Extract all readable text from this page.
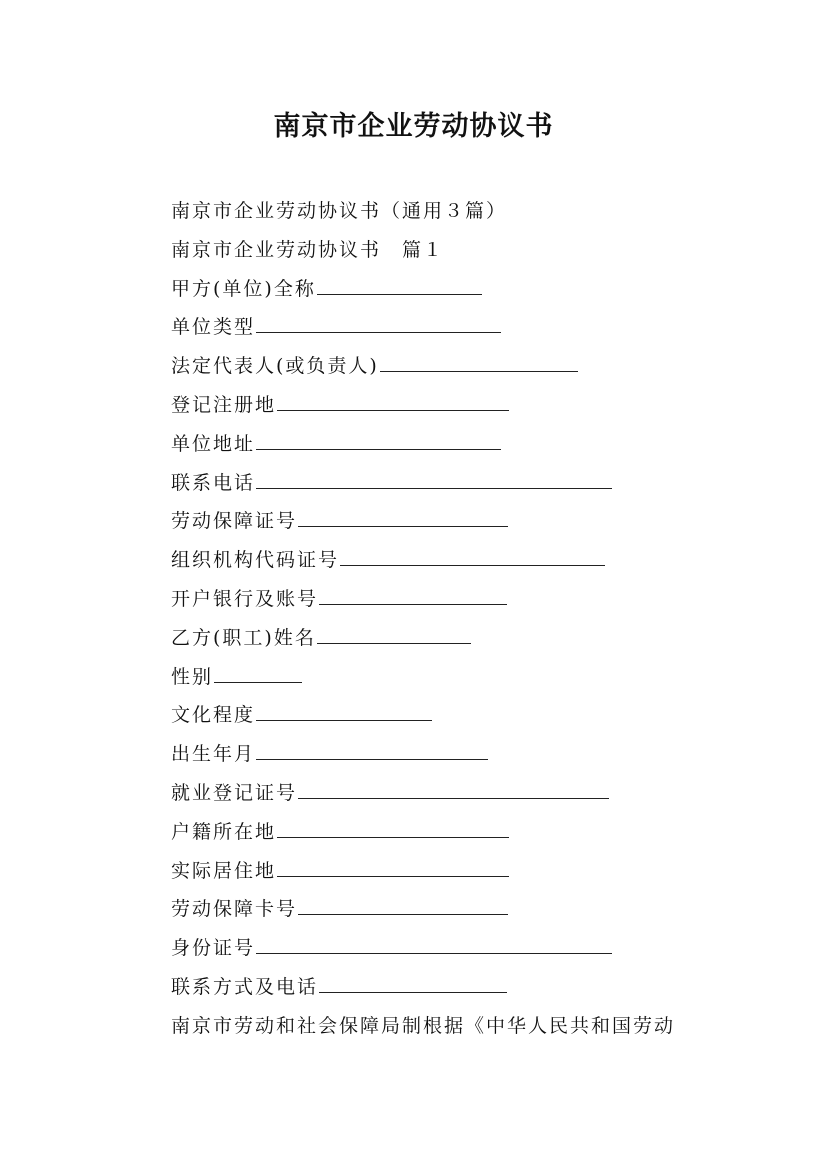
南京市企业劳动协议书
南京市企业劳动协议书（通用３篇）
南京市企业劳动协议书　篇１
甲方(单位)全称
单位类型
法定代表人(或负责人)
登记注册地
单位地址
联系电话
劳动保障证号
组织机构代码证号
开户银行及账号
乙方(职工)姓名
性别
文化程度
出生年月
就业登记证号
户籍所在地
实际居住地
劳动保障卡号
身份证号
联系方式及电话
南京市劳动和社会保障局制根据《中华人民共和国劳动
